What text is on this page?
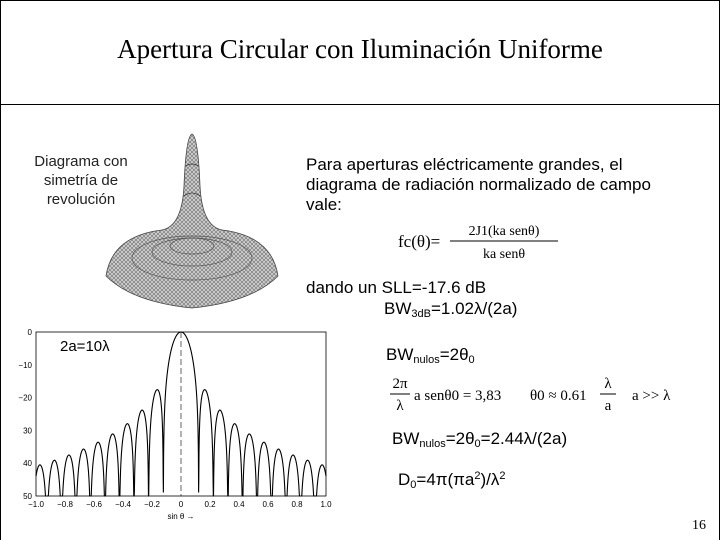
Apertura Circular con Iluminación Uniforme
Diagrama con simetría de revolución
0
−10
−20
30
40
50
−1.0 −0.8 −0.6 −0.4 −0.2 0	0.2 0.4 0.6 0.8 1.0
sin θ →
2a=10λ
Para aperturas eléctricamente grandes, el diagrama de radiación normalizado de campo vale:
fc(θ)=
2J1(ka senθ)
ka senθ
dando un SLL=-17.6 dB
$BW_{3dB}=1.02\lambda/(2a)$
$BW_{nulos}=2\theta_0$
2π
λ
a senθ0 = 3,83 θ0 ≈ 0.61
λ
a
a >> λ
$BW_{nulos}=2\theta_0=2.44\lambda/(2a)$
$D_0=4\pi(\pi a^2)/\lambda^2$
16
